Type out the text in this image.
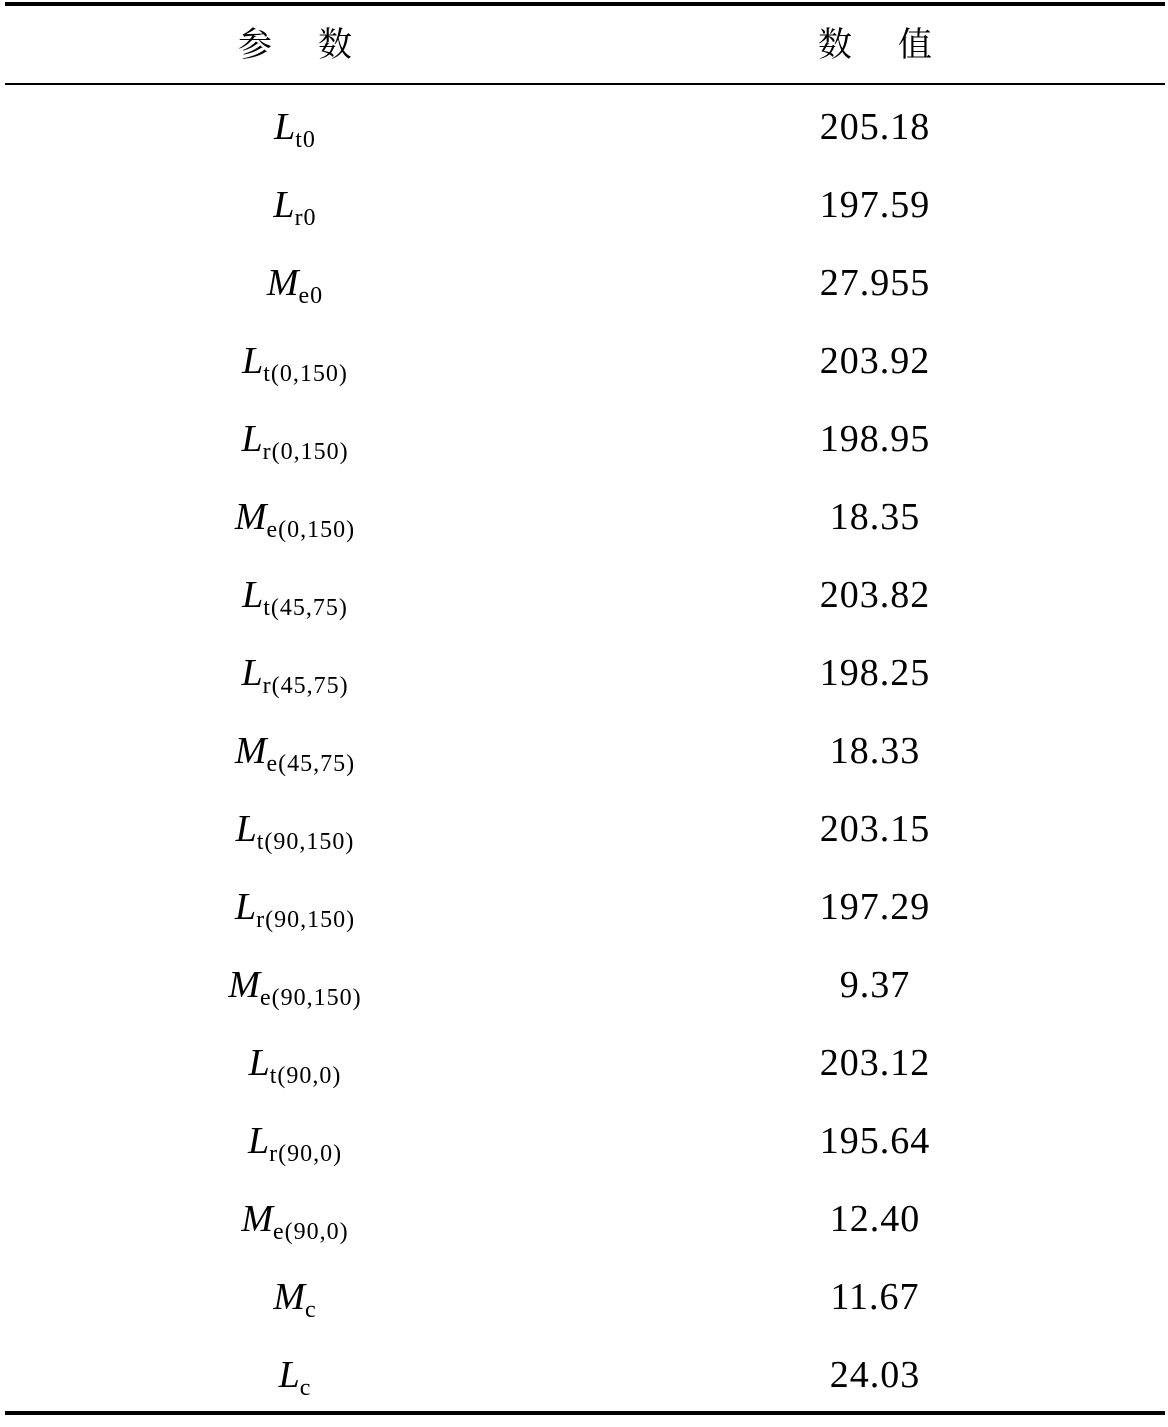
参数	数值
$L_{t0}$	205.18
$L_{r0}$	197.59
$M_{e0}$	27.955
$L_{t(0,150)}$	203.92
$L_{r(0,150)}$	198.95
$M_{e(0,150)}$	18.35
$L_{t(45,75)}$	203.82
$L_{r(45,75)}$	198.25
$M_{e(45,75)}$	18.33
$L_{t(90,150)}$	203.15
$L_{r(90,150)}$	197.29
$M_{e(90,150)}$	9.37
$L_{t(90,0)}$	203.12
$L_{r(90,0)}$	195.64
$M_{e(90,0)}$	12.40
$M_c$	11.67
$L_c$	24.03
